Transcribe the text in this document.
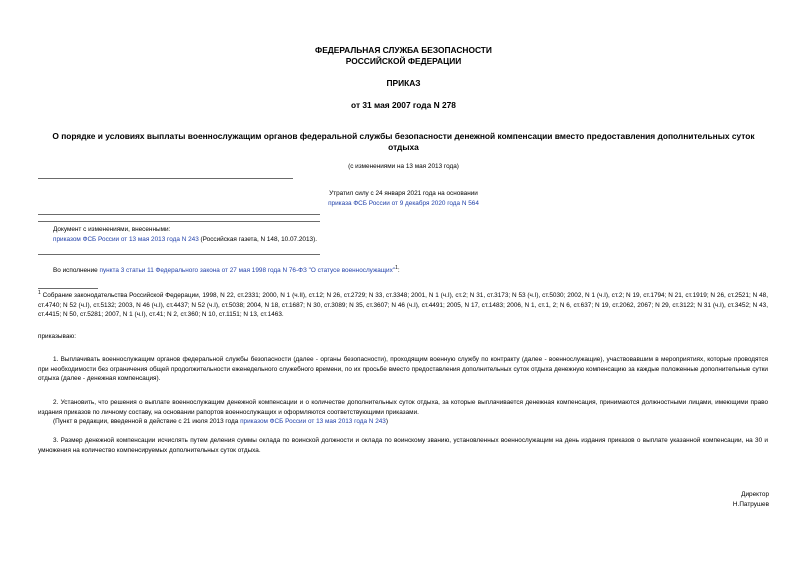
ФЕДЕРАЛЬНАЯ СЛУЖБА БЕЗОПАСНОСТИ
РОССИЙСКОЙ ФЕДЕРАЦИИ
ПРИКАЗ
от 31 мая 2007 года N 278
О порядке и условиях выплаты военнослужащим органов федеральной службы безопасности денежной компенсации вместо предоставления дополнительных суток отдыха
(с изменениями на 13 мая 2013 года)
Утратил силу с 24 января 2021 года на основании
приказа ФСБ России от 9 декабря 2020 года N 564
Документ с изменениями, внесенными:
приказом ФСБ России от 13 мая 2013 года N 243 (Российская газета, N 148, 10.07.2013).
Во исполнение пункта 3 статьи 11 Федерального закона от 27 мая 1998 года N 76-ФЗ "О статусе военнослужащих"$^1$:
$^1$ Собрание законодательства Российской Федерации, 1998, N 22, ст.2331; 2000, N 1 (ч.II), ст.12; N 26, ст.2729; N 33, ст.3348; 2001, N 1 (ч.I), ст.2; N 31, ст.3173; N 53 (ч.I), ст.5030; 2002, N 1 (ч.I), ст.2; N 19, ст.1794; N 21, ст.1919; N 26, ст.2521; N 48, ст.4740; N 52 (ч.I), ст.5132; 2003, N 46 (ч.I), ст.4437; N 52 (ч.I), ст.5038; 2004, N 18, ст.1687; N 30, ст.3089; N 35, ст.3607; N 46 (ч.I), ст.4491; 2005, N 17, ст.1483; 2006, N 1, ст.1, 2; N 6, ст.637; N 19, ст.2062, 2067; N 29, ст.3122; N 31 (ч.I), ст.3452; N 43, ст.4415; N 50, ст.5281; 2007, N 1 (ч.I), ст.41; N 2, ст.360; N 10, ст.1151; N 13, ст.1463.
приказываю:
1. Выплачивать военнослужащим органов федеральной службы безопасности (далее - органы безопасности), проходящим военную службу по контракту (далее - военнослужащие), участвовавшим в мероприятиях, которые проводятся при необходимости без ограничения общей продолжительности еженедельного служебного времени, по их просьбе вместо предоставления дополнительных суток отдыха денежную компенсацию за каждые положенные дополнительные сутки отдыха (далее - денежная компенсация).
2. Установить, что решения о выплате военнослужащим денежной компенсации и о количестве дополнительных суток отдыха, за которые выплачивается денежная компенсация, принимаются должностными лицами, имеющими право издания приказов по личному составу, на основании рапортов военнослужащих и оформляются соответствующими приказами.
(Пункт в редакции, введенной в действие с 21 июля 2013 года приказом ФСБ России от 13 мая 2013 года N 243)
3. Размер денежной компенсации исчислять путем деления суммы оклада по воинской должности и оклада по воинскому званию, установленных военнослужащим на день издания приказов о выплате указанной компенсации, на 30 и умножения на количество компенсируемых дополнительных суток отдыха.
Директор
Н.Патрушев
